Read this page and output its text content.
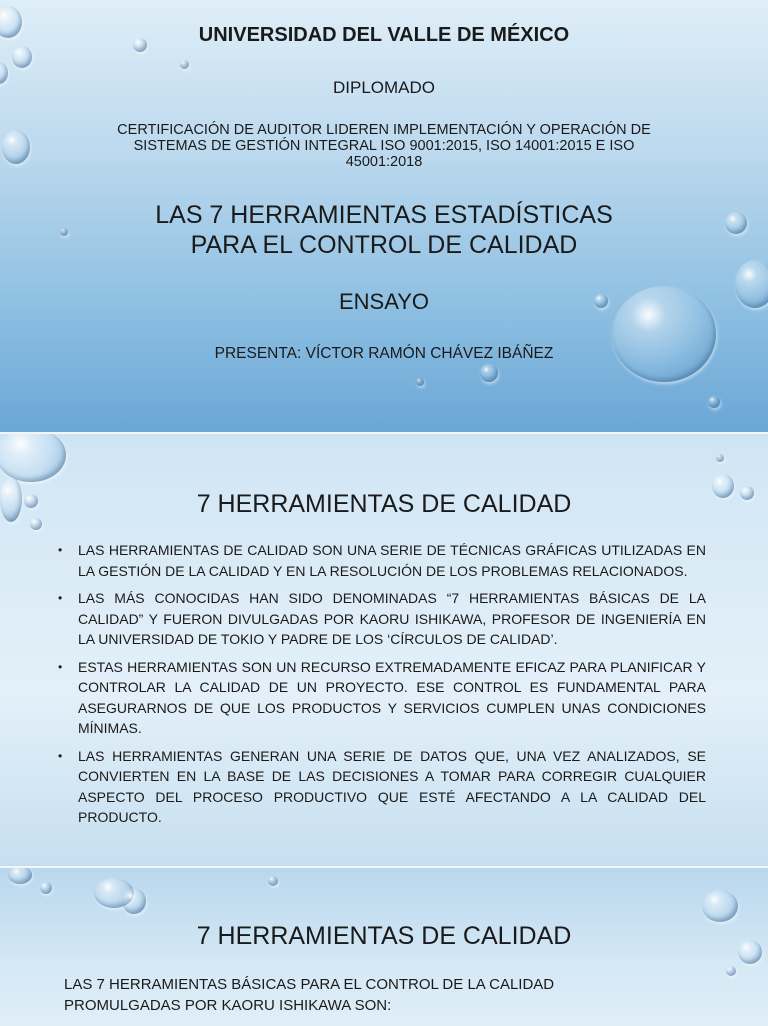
UNIVERSIDAD DEL VALLE DE MÉXICO
DIPLOMADO
CERTIFICACIÓN DE AUDITOR LIDEREN IMPLEMENTACIÓN Y OPERACIÓN DE SISTEMAS DE GESTIÓN INTEGRAL ISO 9001:2015, ISO 14001:2015 E ISO 45001:2018
LAS 7 HERRAMIENTAS ESTADÍSTICAS
PARA EL CONTROL DE CALIDAD
ENSAYO
PRESENTA: VÍCTOR RAMÓN CHÁVEZ IBÁÑEZ
7 HERRAMIENTAS DE CALIDAD
• LAS HERRAMIENTAS DE CALIDAD SON UNA SERIE DE TÉCNICAS GRÁFICAS UTILIZADAS EN LA GESTIÓN DE LA CALIDAD Y EN LA RESOLUCIÓN DE LOS PROBLEMAS RELACIONADOS.
• LAS MÁS CONOCIDAS HAN SIDO DENOMINADAS “7 HERRAMIENTAS BÁSICAS DE LA CALIDAD” Y FUERON DIVULGADAS POR KAORU ISHIKAWA, PROFESOR DE INGENIERÍA EN LA UNIVERSIDAD DE TOKIO Y PADRE DE LOS ‘CÍRCULOS DE CALIDAD’.
• ESTAS HERRAMIENTAS SON UN RECURSO EXTREMADAMENTE EFICAZ PARA PLANIFICAR Y CONTROLAR LA CALIDAD DE UN PROYECTO. ESE CONTROL ES FUNDAMENTAL PARA ASEGURARNOS DE QUE LOS PRODUCTOS Y SERVICIOS CUMPLEN UNAS CONDICIONES MÍNIMAS.
• LAS HERRAMIENTAS GENERAN UNA SERIE DE DATOS QUE, UNA VEZ ANALIZADOS, SE CONVIERTEN EN LA BASE DE LAS DECISIONES A TOMAR PARA CORREGIR CUALQUIER ASPECTO DEL PROCESO PRODUCTIVO QUE ESTÉ AFECTANDO A LA CALIDAD DEL PRODUCTO.
7 HERRAMIENTAS DE CALIDAD
LAS 7 HERRAMIENTAS BÁSICAS PARA EL CONTROL DE LA CALIDAD PROMULGADAS POR KAORU ISHIKAWA SON:
